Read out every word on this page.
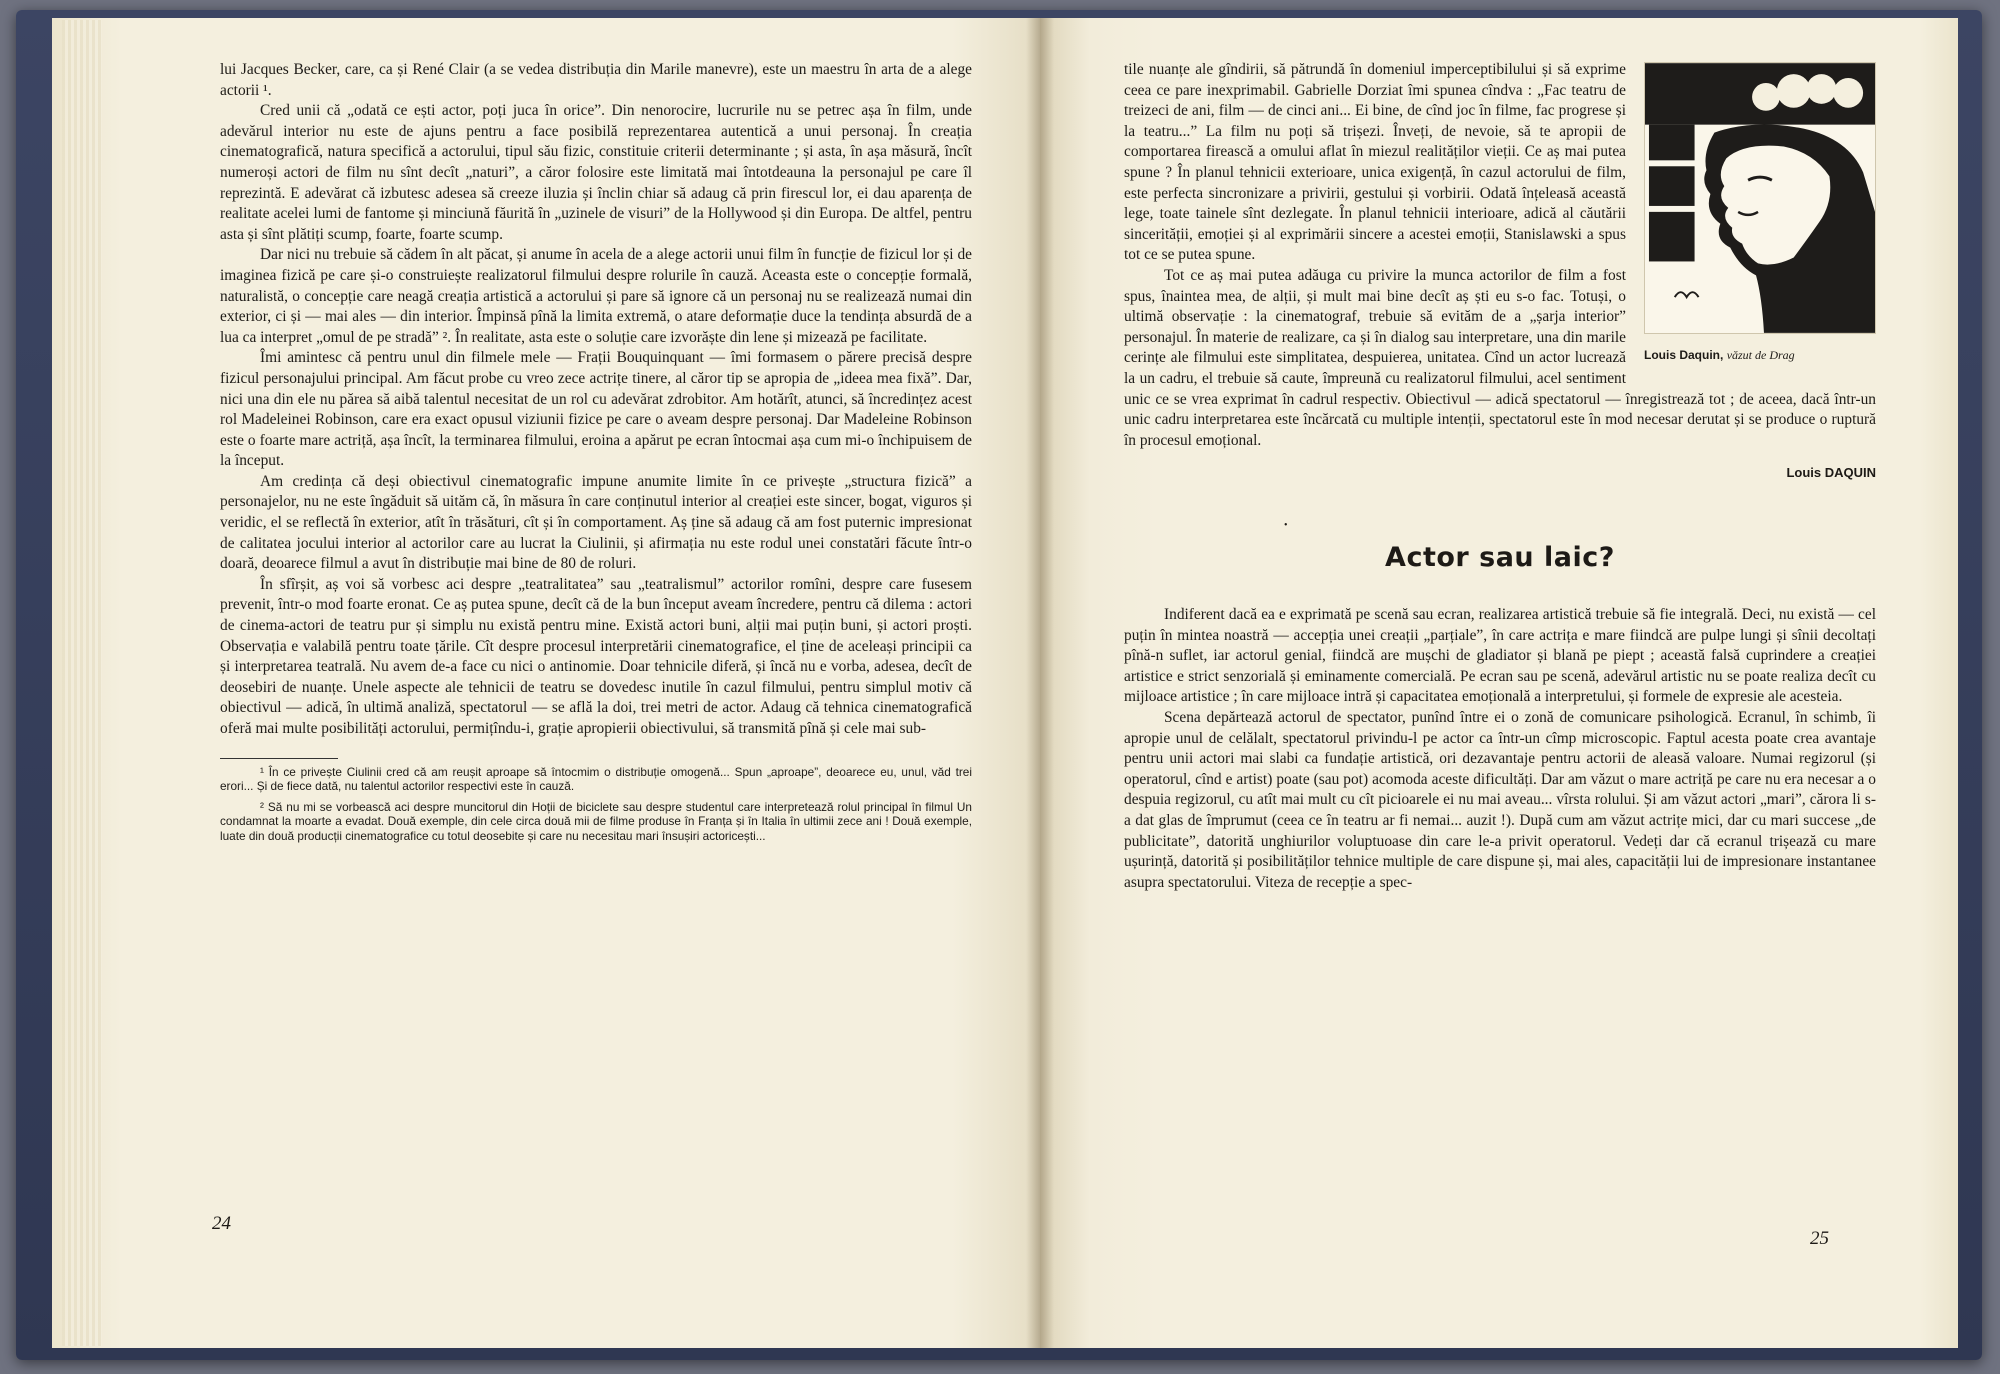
lui Jacques Becker, care, ca și René Clair (a se vedea distribuția din Marile manevre), este un maestru în arta de a alege actorii ¹.

Cred unii că „odată ce ești actor, poți juca în orice”. Din nenorocire, lucrurile nu se petrec așa în film, unde adevărul interior nu este de ajuns pentru a face posibilă reprezentarea autentică a unui personaj. În creația cinematografică, natura specifică a actorului, tipul său fizic, constituie criterii determinante ; și asta, în așa măsură, încît numeroși actori de film nu sînt decît „naturi”, a căror folosire este limitată mai întotdeauna la personajul pe care îl reprezintă. E adevărat că izbutesc adesea să creeze iluzia și înclin chiar să adaug că prin firescul lor, ei dau aparența de realitate acelei lumi de fantome și minciună făurită în „uzinele de visuri” de la Hollywood și din Europa. De altfel, pentru asta și sînt plătiți scump, foarte, foarte scump.

Dar nici nu trebuie să cădem în alt păcat, și anume în acela de a alege actorii unui film în funcție de fizicul lor și de imaginea fizică pe care și-o construiește realizatorul filmului despre rolurile în cauză. Aceasta este o concepție formală, naturalistă, o concepție care neagă creația artistică a actorului și pare să ignore că un personaj nu se realizează numai din exterior, ci și — mai ales — din interior. Împinsă pînă la limita extremă, o atare deformație duce la tendința absurdă de a lua ca interpret „omul de pe stradă” ². În realitate, asta este o soluție care izvorăște din lene și mizează pe facilitate.

Îmi amintesc că pentru unul din filmele mele — Frații Bouquinquant — îmi formasem o părere precisă despre fizicul personajului principal. Am făcut probe cu vreo zece actrițe tinere, al căror tip se apropia de „ideea mea fixă”. Dar, nici una din ele nu părea să aibă talentul necesitat de un rol cu adevărat zdrobitor. Am hotărît, atunci, să încredințez acest rol Madeleinei Robinson, care era exact opusul viziunii fizice pe care o aveam despre personaj. Dar Madeleine Robinson este o foarte mare actriță, așa încît, la terminarea filmului, eroina a apărut pe ecran întocmai așa cum mi-o închipuisem de la început.

Am credința că deși obiectivul cinematografic impune anumite limite în ce privește „structura fizică” a personajelor, nu ne este îngăduit să uităm că, în măsura în care conținutul interior al creației este sincer, bogat, viguros și veridic, el se reflectă în exterior, atît în trăsături, cît și în comportament. Aș ține să adaug că am fost puternic impresionat de calitatea jocului interior al actorilor care au lucrat la Ciulinii, și afirmația nu este rodul unei constatări făcute într-o doară, deoarece filmul a avut în distribuție mai bine de 80 de roluri.

În sfîrșit, aș voi să vorbesc aci despre „teatralitatea” sau „teatralismul” actorilor romîni, despre care fusesem prevenit, într-o mod foarte eronat. Ce aș putea spune, decît că de la bun început aveam încredere, pentru că dilema : actori de cinema-actori de teatru pur și simplu nu există pentru mine. Există actori buni, alții mai puțin buni, și actori proști. Observația e valabilă pentru toate țările. Cît despre procesul interpretării cinematografice, el ține de aceleași principii ca și interpretarea teatrală. Nu avem de-a face cu nici o antinomie. Doar tehnicile diferă, și încă nu e vorba, adesea, decît de deosebiri de nuanțe. Unele aspecte ale tehnicii de teatru se dovedesc inutile în cazul filmului, pentru simplul motiv că obiectivul — adică, în ultimă analiză, spectatorul — se află la doi, trei metri de actor. Adaug că tehnica cinematografică oferă mai multe posibilități actorului, permițîndu-i, grație apropierii obiectivului, să transmită pînă și cele mai sub-

¹ În ce privește Ciulinii cred că am reușit aproape să întocmim o distribuție omogenă... Spun „aproape”, deoarece eu, unul, văd trei erori... Și de fiece dată, nu talentul actorilor respectivi este în cauză.

² Să nu mi se vorbească aci despre muncitorul din Hoții de biciclete sau despre studentul care interpretează rolul principal în filmul Un condamnat la moarte a evadat. Două exemple, din cele circa două mii de filme produse în Franța și în Italia în ultimii zece ani ! Două exemple, luate din două producții cinematografice cu totul deosebite și care nu necesitau mari însușiri actoricești...

24
Louis Daquin, văzut de Drag

tile nuanțe ale gîndirii, să pătrundă în domeniul imperceptibilului și să exprime ceea ce pare inexprimabil. Gabrielle Dorziat îmi spunea cîndva : „Fac teatru de treizeci de ani, film — de cinci ani... Ei bine, de cînd joc în filme, fac progrese și la teatru...” La film nu poți să trișezi. Înveți, de nevoie, să te apropii de comportarea firească a omului aflat în miezul realităților vieții. Ce aș mai putea spune ? În planul tehnicii exterioare, unica exigență, în cazul actorului de film, este perfecta sincronizare a privirii, gestului și vorbirii. Odată înțeleasă această lege, toate tainele sînt dezlegate. În planul tehnicii interioare, adică al căutării sincerității, emoției și al exprimării sincere a acestei emoții, Stanislawski a spus tot ce se putea spune.

Tot ce aș mai putea adăuga cu privire la munca actorilor de film a fost spus, înaintea mea, de alții, și mult mai bine decît aș ști eu s-o fac. Totuși, o ultimă observație : la cinematograf, trebuie să evităm de a „șarja interior” personajul. În materie de realizare, ca și în dialog sau interpretare, una din marile cerințe ale filmului este simplitatea, despuierea, unitatea. Cînd un actor lucrează la un cadru, el trebuie să caute, împreună cu realizatorul filmului, acel sentiment unic ce se vrea exprimat în cadrul respectiv. Obiectivul — adică spectatorul — înregistrează tot ; de aceea, dacă într-un unic cadru interpretarea este încărcată cu multiple intenții, spectatorul este în mod necesar derutat și se produce o ruptură în procesul emoțional.

Louis DAQUIN
•
Actor sau laic?

Indiferent dacă ea e exprimată pe scenă sau ecran, realizarea artistică trebuie să fie integrală. Deci, nu există — cel puțin în mintea noastră — accepția unei creații „parțiale”, în care actrița e mare fiindcă are pulpe lungi și sînii decoltați pînă-n suflet, iar actorul genial, fiindcă are mușchi de gladiator și blană pe piept ; această falsă cuprindere a creației artistice e strict senzorială și eminamente comercială. Pe ecran sau pe scenă, adevărul artistic nu se poate realiza decît cu mijloace artistice ; în care mijloace intră și capacitatea emoțională a interpretului, și formele de expresie ale acesteia.

Scena depărtează actorul de spectator, punînd între ei o zonă de comunicare psihologică. Ecranul, în schimb, îi apropie unul de celălalt, spectatorul privindu-l pe actor ca într-un cîmp microscopic. Faptul acesta poate crea avantaje pentru unii actori mai slabi ca fundație artistică, ori dezavantaje pentru actorii de aleasă valoare. Numai regizorul (și operatorul, cînd e artist) poate (sau pot) acomoda aceste dificultăți. Dar am văzut o mare actriță pe care nu era necesar a o despuia regizorul, cu atît mai mult cu cît picioarele ei nu mai aveau... vîrsta rolului. Și am văzut actori „mari”, cărora li s-a dat glas de împrumut (ceea ce în teatru ar fi nemai... auzit !). După cum am văzut actrițe mici, dar cu mari succese „de publicitate”, datorită unghiurilor voluptuoase din care le-a privit operatorul. Vedeți dar că ecranul trișează cu mare ușurință, datorită și posibilităților tehnice multiple de care dispune și, mai ales, capacității lui de impresionare instantanee asupra spectatorului. Viteza de recepție a spec-

25
